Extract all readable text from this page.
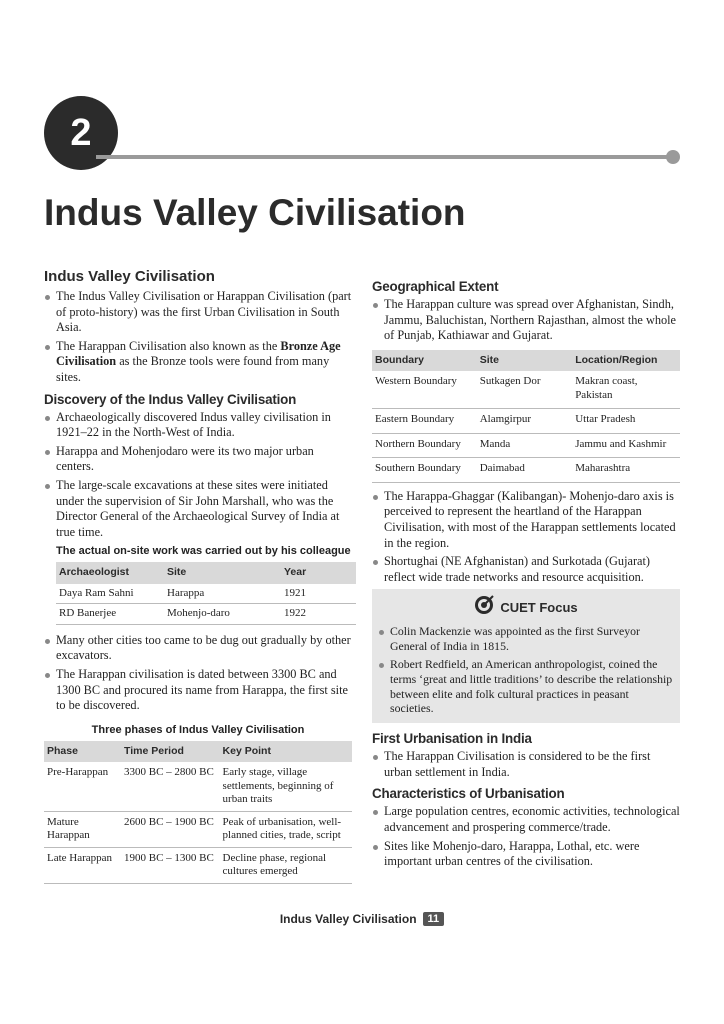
2
Indus Valley Civilisation
Indus Valley Civilisation
The Indus Valley Civilisation or Harappan Civilisation (part of proto-history) was the first Urban Civilisation in South Asia.
The Harappan Civilisation also known as the Bronze Age Civilisation as the Bronze tools were found from many sites.
Discovery of the Indus Valley Civilisation
Archaeologically discovered Indus valley civilisation in 1921–22 in the North-West of India.
Harappa and Mohenjodaro were its two major urban centers.
The large-scale excavations at these sites were initiated under the supervision of Sir John Marshall, who was the Director General of the Archaeological Survey of India at true time.
The actual on-site work was carried out by his colleague
Archaeologist	Site	Year
Daya Ram Sahni	Harappa	1921
RD Banerjee	Mohenjo-daro	1922
Many other cities too came to be dug out gradually by other excavators.
The Harappan civilisation is dated between 3300 BC and 1300 BC and procured its name from Harappa, the first site to be discovered.
Three phases of Indus Valley Civilisation
Phase	Time Period	Key Point
Pre-Harappan	3300 BC – 2800 BC	Early stage, village settlements, beginning of urban traits
Mature Harappan	2600 BC – 1900 BC	Peak of urbanisation, well-planned cities, trade, script
Late Harappan	1900 BC – 1300 BC	Decline phase, regional cultures emerged
Geographical Extent
The Harappan culture was spread over Afghanistan, Sindh, Jammu, Baluchistan, Northern Rajasthan, almost the whole of Punjab, Kathiawar and Gujarat.
Boundary	Site	Location/Region
Western Boundary	Sutkagen Dor	Makran coast, Pakistan
Eastern Boundary	Alamgirpur	Uttar Pradesh
Northern Boundary	Manda	Jammu and Kashmir
Southern Boundary	Daimabad	Maharashtra
The Harappa-Ghaggar (Kalibangan)- Mohenjo-daro axis is perceived to represent the heartland of the Harappan Civilisation, with most of the Harappan settlements located in the region.
Shortughai (NE Afghanistan) and Surkotada (Gujarat) reflect wide trade networks and resource acquisition.
CUET Focus
Colin Mackenzie was appointed as the first Surveyor General of India in 1815.
Robert Redfield, an American anthropologist, coined the terms ‘great and little traditions’ to describe the relationship between elite and folk cultural practices in peasant societies.
First Urbanisation in India
The Harappan Civilisation is considered to be the first urban settlement in India.
Characteristics of Urbanisation
Large population centres, economic activities, technological advancement and prospering commerce/trade.
Sites like Mohenjo-daro, Harappa, Lothal, etc. were important urban centres of the civilisation.
Indus Valley Civilisation	11
